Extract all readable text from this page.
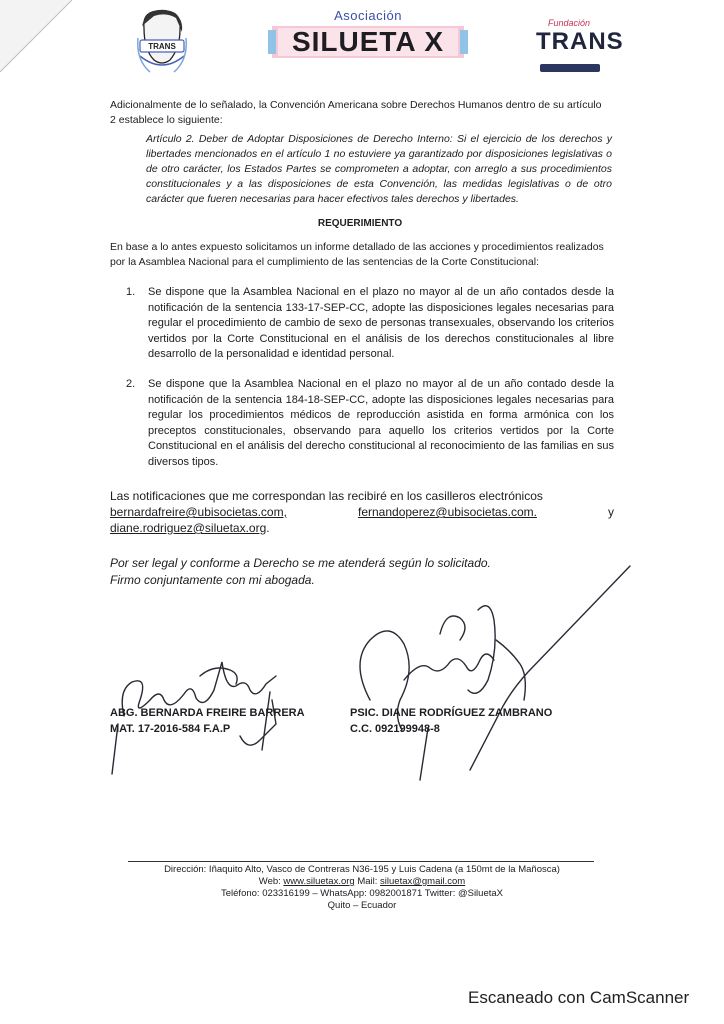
TRANS
Asociación
SILUETA X
Fundación
TRANS
Adicionalmente de lo señalado, la Convención Americana sobre Derechos Humanos dentro de su artículo 2 establece lo siguiente:
Artículo 2. Deber de Adoptar Disposiciones de Derecho Interno: Si el ejercicio de los derechos y libertades mencionados en el artículo 1 no estuviere ya garantizado por disposiciones legislativas o de otro carácter, los Estados Partes se comprometen a adoptar, con arreglo a sus procedimientos constitucionales y a las disposiciones de esta Convención, las medidas legislativas o de otro carácter que fueren necesarias para hacer efectivos tales derechos y libertades.
REQUERIMIENTO
En base a lo antes expuesto solicitamos un informe detallado de las acciones y procedimientos realizados por la Asamblea Nacional para el cumplimiento de las sentencias de la Corte Constitucional:
1. Se dispone que la Asamblea Nacional en el plazo no mayor al de un año contados desde la notificación de la sentencia 133-17-SEP-CC, adopte las disposiciones legales necesarias para regular el procedimiento de cambio de sexo de personas transexuales, observando los criterios vertidos por la Corte Constitucional en el análisis de los derechos constitucionales al libre desarrollo de la personalidad e identidad personal.
2. Se dispone que la Asamblea Nacional en el plazo no mayor al de un año contado desde la notificación de la sentencia 184-18-SEP-CC, adopte las disposiciones legales necesarias para regular los procedimientos médicos de reproducción asistida en forma armónica con los preceptos constitucionales, observando para aquello los criterios vertidos por la Corte Constitucional en el análisis del derecho constitucional al reconocimiento de las familias en sus diversos tipos.
Las notificaciones que me correspondan las recibiré en los casilleros electrónicos
bernardafreire@ubisocietas.com,	fernandoperez@ubisocietas.com.	y
diane.rodriguez@siluetax.org.
Por ser legal y conforme a Derecho se me atenderá según lo solicitado.
Firmo conjuntamente con mi abogada.
ABG. BERNARDA FREIRE BARRERA
MAT. 17-2016-584 F.A.P
PSIC. DIANE RODRÍGUEZ ZAMBRANO
C.C. 092199948-8
Dirección: Iñaquito Alto, Vasco de Contreras N36-195 y Luis Cadena (a 150mt de la Mañosca)
Web: www.siluetax.org Mail: siluetax@gmail.com
Teléfono: 023316199 – WhatsApp: 0982001871 Twitter: @SiluetaX
Quito – Ecuador
Escaneado con CamScanner
